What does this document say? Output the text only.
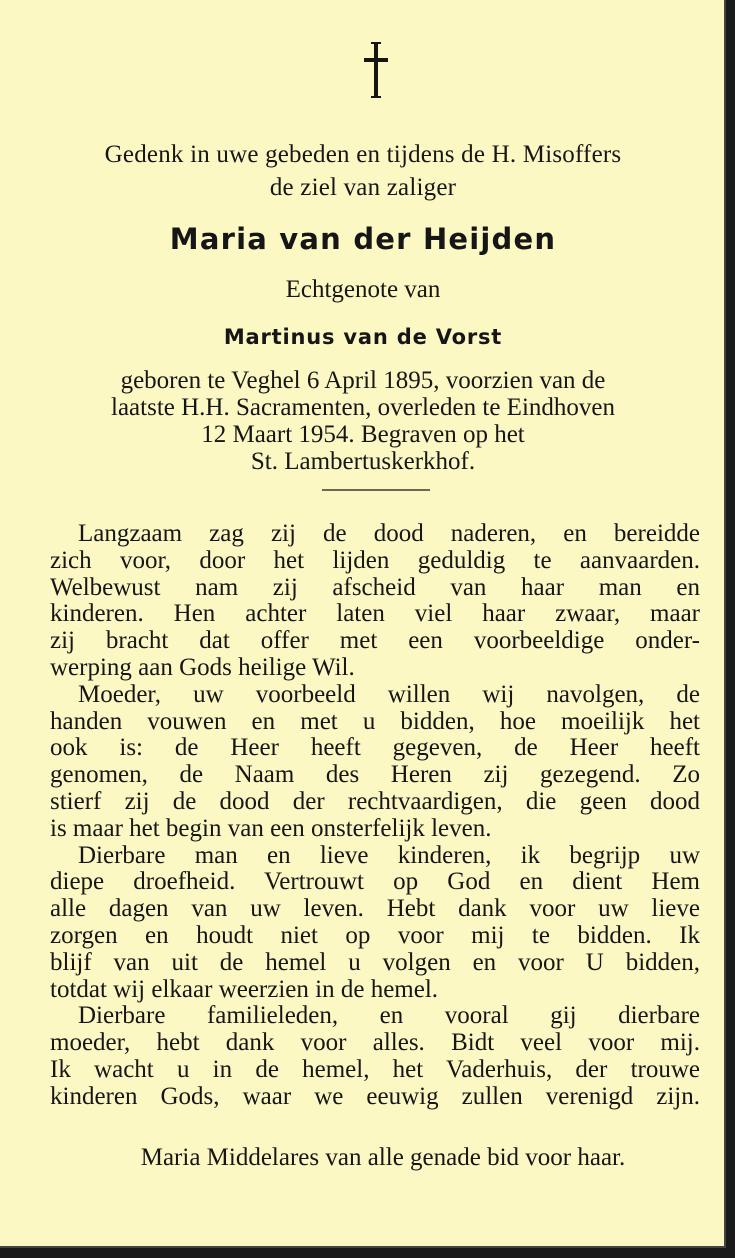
Gedenk in uwe gebeden en tijdens de H. Misoffers
de ziel van zaliger
Maria van der Heijden
Echtgenote van
Martinus van de Vorst
geboren te Veghel 6 April 1895, voorzien van de
laatste H.H. Sacramenten, overleden te Eindhoven
12 Maart 1954. Begraven op het
St. Lambertuskerkhof.
Langzaam zag zij de dood naderen, en bereidde
zich voor, door het lijden geduldig te aanvaarden.
Welbewust nam zij afscheid van haar man en
kinderen. Hen achter laten viel haar zwaar, maar
zij bracht dat offer met een voorbeeldige onder-
werping aan Gods heilige Wil.
Moeder, uw voorbeeld willen wij navolgen, de
handen vouwen en met u bidden, hoe moeilijk het
ook is: de Heer heeft gegeven, de Heer heeft
genomen, de Naam des Heren zij gezegend. Zo
stierf zij de dood der rechtvaardigen, die geen dood
is maar het begin van een onsterfelijk leven.
Dierbare man en lieve kinderen, ik begrijp uw
diepe droefheid. Vertrouwt op God en dient Hem
alle dagen van uw leven. Hebt dank voor uw lieve
zorgen en houdt niet op voor mij te bidden. Ik
blijf van uit de hemel u volgen en voor U bidden,
totdat wij elkaar weerzien in de hemel.
Dierbare familieleden, en vooral gij dierbare
moeder, hebt dank voor alles. Bidt veel voor mij.
Ik wacht u in de hemel, het Vaderhuis, der trouwe
kinderen Gods, waar we eeuwig zullen verenigd zijn.
Maria Middelares van alle genade bid voor haar.
